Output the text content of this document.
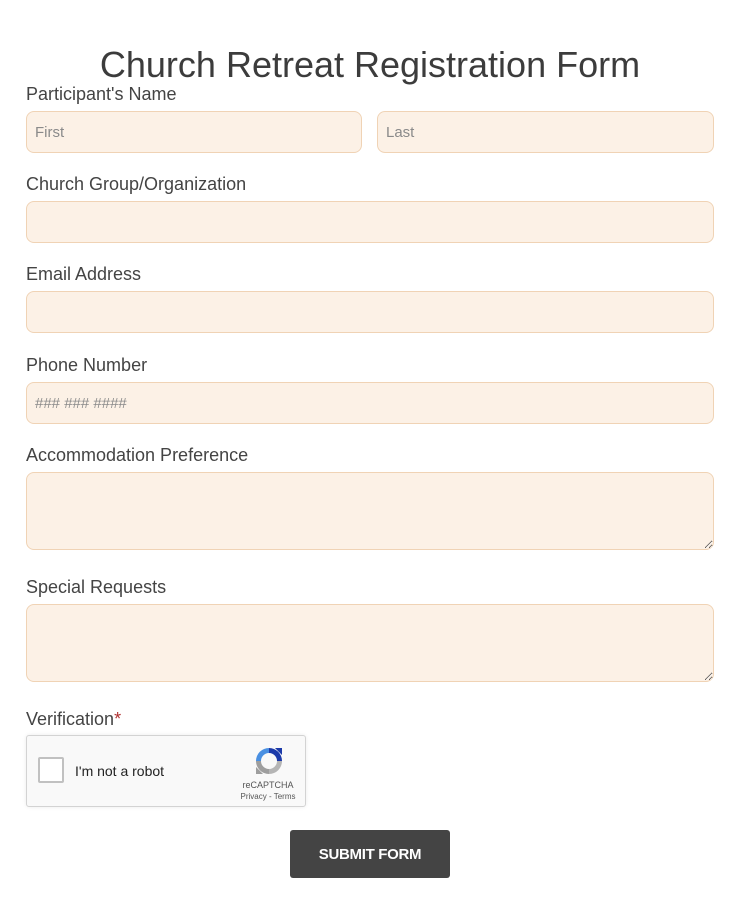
Church Retreat Registration Form
Participant's Name
First
Last
Church Group/Organization
Email Address
Phone Number
### ### ####
Accommodation Preference
Special Requests
Verification*
I'm not a robot
reCAPTCHA
Privacy - Terms
SUBMIT FORM
